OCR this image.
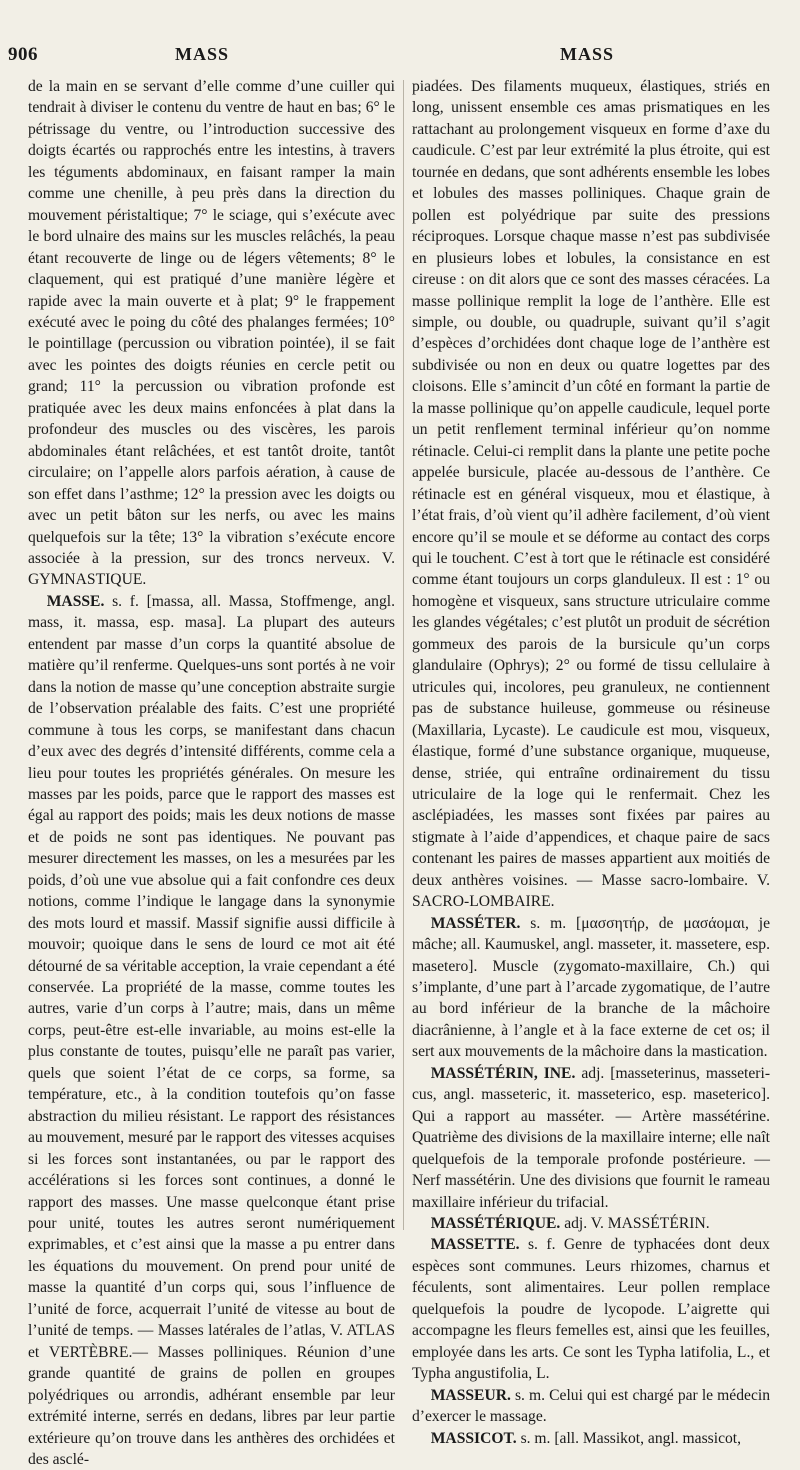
906	MASS	MASS

de la main en se servant d’elle comme d’une cuiller qui tendrait à diviser le contenu du ventre de haut en bas; 6° le pétrissage du ventre, ou l’introduction successive des doigts écartés ou rapprochés entre les intestins, à travers les téguments abdominaux, en faisant ramper la main comme une chenille, à peu près dans la direction du mouvement péristaltique; 7° le sciage, qui s’exécute avec le bord ulnaire des mains sur les muscles relâchés, la peau étant recouverte de linge ou de légers vêtements; 8° le claquement, qui est pratiqué d’une manière légère et rapide avec la main ouverte et à plat; 9° le frappement exécuté avec le poing du côté des phalanges fermées; 10° le pointillage (percussion ou vibration pointée), il se fait avec les pointes des doigts réunies en cercle petit ou grand; 11° la percussion ou vibration profonde est pratiquée avec les deux mains enfoncées à plat dans la profondeur des muscles ou des viscères, les parois abdominales étant relâchées, et est tantôt droite, tantôt circulaire; on l’appelle alors parfois aération, à cause de son effet dans l’asthme; 12° la pression avec les doigts ou avec un petit bâton sur les nerfs, ou avec les mains quelquefois sur la tête; 13° la vibration s’exécute encore associée à la pression, sur des troncs nerveux. V. GYMNASTIQUE.

MASSE. s. f. [massa, all. Massa, Stoffmenge, angl. mass, it. massa, esp. masa]. La plupart des auteurs entendent par masse d’un corps la quantité absolue de matière qu’il renferme. Quelques-uns sont portés à ne voir dans la notion de masse qu’une conception abstraite surgie de l’observation préalable des faits. C’est une propriété commune à tous les corps, se manifestant dans chacun d’eux avec des degrés d’intensité différents, comme cela a lieu pour toutes les propriétés générales. On mesure les masses par les poids, parce que le rapport des masses est égal au rapport des poids; mais les deux notions de masse et de poids ne sont pas identiques. Ne pouvant pas mesurer directement les masses, on les a mesurées par les poids, d’où une vue absolue qui a fait confondre ces deux notions, comme l’indique le langage dans la synonymie des mots lourd et massif. Massif signifie aussi difficile à mouvoir; quoique dans le sens de lourd ce mot ait été détourné de sa véritable acception, la vraie cependant a été conservée. La propriété de la masse, comme toutes les autres, varie d’un corps à l’autre; mais, dans un même corps, peut-être est-elle invariable, au moins est-elle la plus constante de toutes, puisqu’elle ne paraît pas varier, quels que soient l’état de ce corps, sa forme, sa température, etc., à la condition toutefois qu’on fasse abstraction du milieu résistant. Le rapport des résistances au mouvement, mesuré par le rapport des vitesses acquises si les forces sont instantanées, ou par le rapport des accélérations si les forces sont continues, a donné le rapport des masses. Une masse quelconque étant prise pour unité, toutes les autres seront numériquement exprimables, et c’est ainsi que la masse a pu entrer dans les équations du mouvement. On prend pour unité de masse la quantité d’un corps qui, sous l’influence de l’unité de force, acquerrait l’unité de vitesse au bout de l’unité de temps. — Masses latérales de l’atlas, V. ATLAS et VERTÈBRE.— Masses polliniques. Réunion d’une grande quantité de grains de pollen en groupes polyédriques ou arrondis, adhérant ensemble par leur extrémité interne, serrés en dedans, libres par leur partie extérieure qu’on trouve dans les anthères des orchidées et des asclé-

piadées. Des filaments muqueux, élastiques, striés en long, unissent ensemble ces amas prismatiques en les rattachant au prolongement visqueux en forme d’axe du caudicule. C’est par leur extrémité la plus étroite, qui est tournée en dedans, que sont adhérents ensemble les lobes et lobules des masses polliniques. Chaque grain de pollen est polyédrique par suite des pressions réciproques. Lorsque chaque masse n’est pas subdivisée en plusieurs lobes et lobules, la consistance en est cireuse : on dit alors que ce sont des masses céracées. La masse pollinique remplit la loge de l’anthère. Elle est simple, ou double, ou quadruple, suivant qu’il s’agit d’espèces d’orchidées dont chaque loge de l’anthère est subdivisée ou non en deux ou quatre logettes par des cloisons. Elle s’amincit d’un côté en formant la partie de la masse pollinique qu’on appelle caudicule, lequel porte un petit renflement terminal inférieur qu’on nomme rétinacle. Celui-ci remplit dans la plante une petite poche appelée bursicule, placée au-dessous de l’anthère. Ce rétinacle est en général visqueux, mou et élastique, à l’état frais, d’où vient qu’il adhère facilement, d’où vient encore qu’il se moule et se déforme au contact des corps qui le touchent. C’est à tort que le rétinacle est considéré comme étant toujours un corps glanduleux. Il est : 1° ou homogène et visqueux, sans structure utriculaire comme les glandes végétales; c’est plutôt un produit de sécrétion gommeux des parois de la bursicule qu’un corps glandulaire (Ophrys); 2° ou formé de tissu cellulaire à utricules qui, incolores, peu granuleux, ne contiennent pas de substance huileuse, gommeuse ou résineuse (Maxillaria, Lycaste). Le caudicule est mou, visqueux, élastique, formé d’une substance organique, muqueuse, dense, striée, qui entraîne ordinairement du tissu utriculaire de la loge qui le renfermait. Chez les asclépiadées, les masses sont fixées par paires au stigmate à l’aide d’appendices, et chaque paire de sacs contenant les paires de masses appartient aux moitiés de deux anthères voisines. — Masse sacro-lombaire. V. SACRO-LOMBAIRE.

MASSÉTER. s. m. [μασσητήρ, de μασάομαι, je mâche; all. Kaumuskel, angl. masseter, it. massetere, esp. masetero]. Muscle (zygomato-maxillaire, Ch.) qui s’implante, d’une part à l’arcade zygomatique, de l’autre au bord inférieur de la branche de la mâchoire diacrânienne, à l’angle et à la face externe de cet os; il sert aux mouvements de la mâchoire dans la mastication.

MASSÉTÉRIN, INE. adj. [masseterinus, masseteri-cus, angl. masseteric, it. masseterico, esp. maseterico]. Qui a rapport au masséter. — Artère massétérine. Quatrième des divisions de la maxillaire interne; elle naît quelquefois de la temporale profonde postérieure. —Nerf massétérin. Une des divisions que fournit le rameau maxillaire inférieur du trifacial.

MASSÉTÉRIQUE. adj. V. MASSÉTÉRIN.

MASSETTE. s. f. Genre de typhacées dont deux espèces sont communes. Leurs rhizomes, charnus et féculents, sont alimentaires. Leur pollen remplace quelquefois la poudre de lycopode. L’aigrette qui accompagne les fleurs femelles est, ainsi que les feuilles, employée dans les arts. Ce sont les Typha latifolia, L., et Typha angustifolia, L.

MASSEUR. s. m. Celui qui est chargé par le médecin d’exercer le massage.

MASSICOT. s. m. [all. Massikot, angl. massicot,
